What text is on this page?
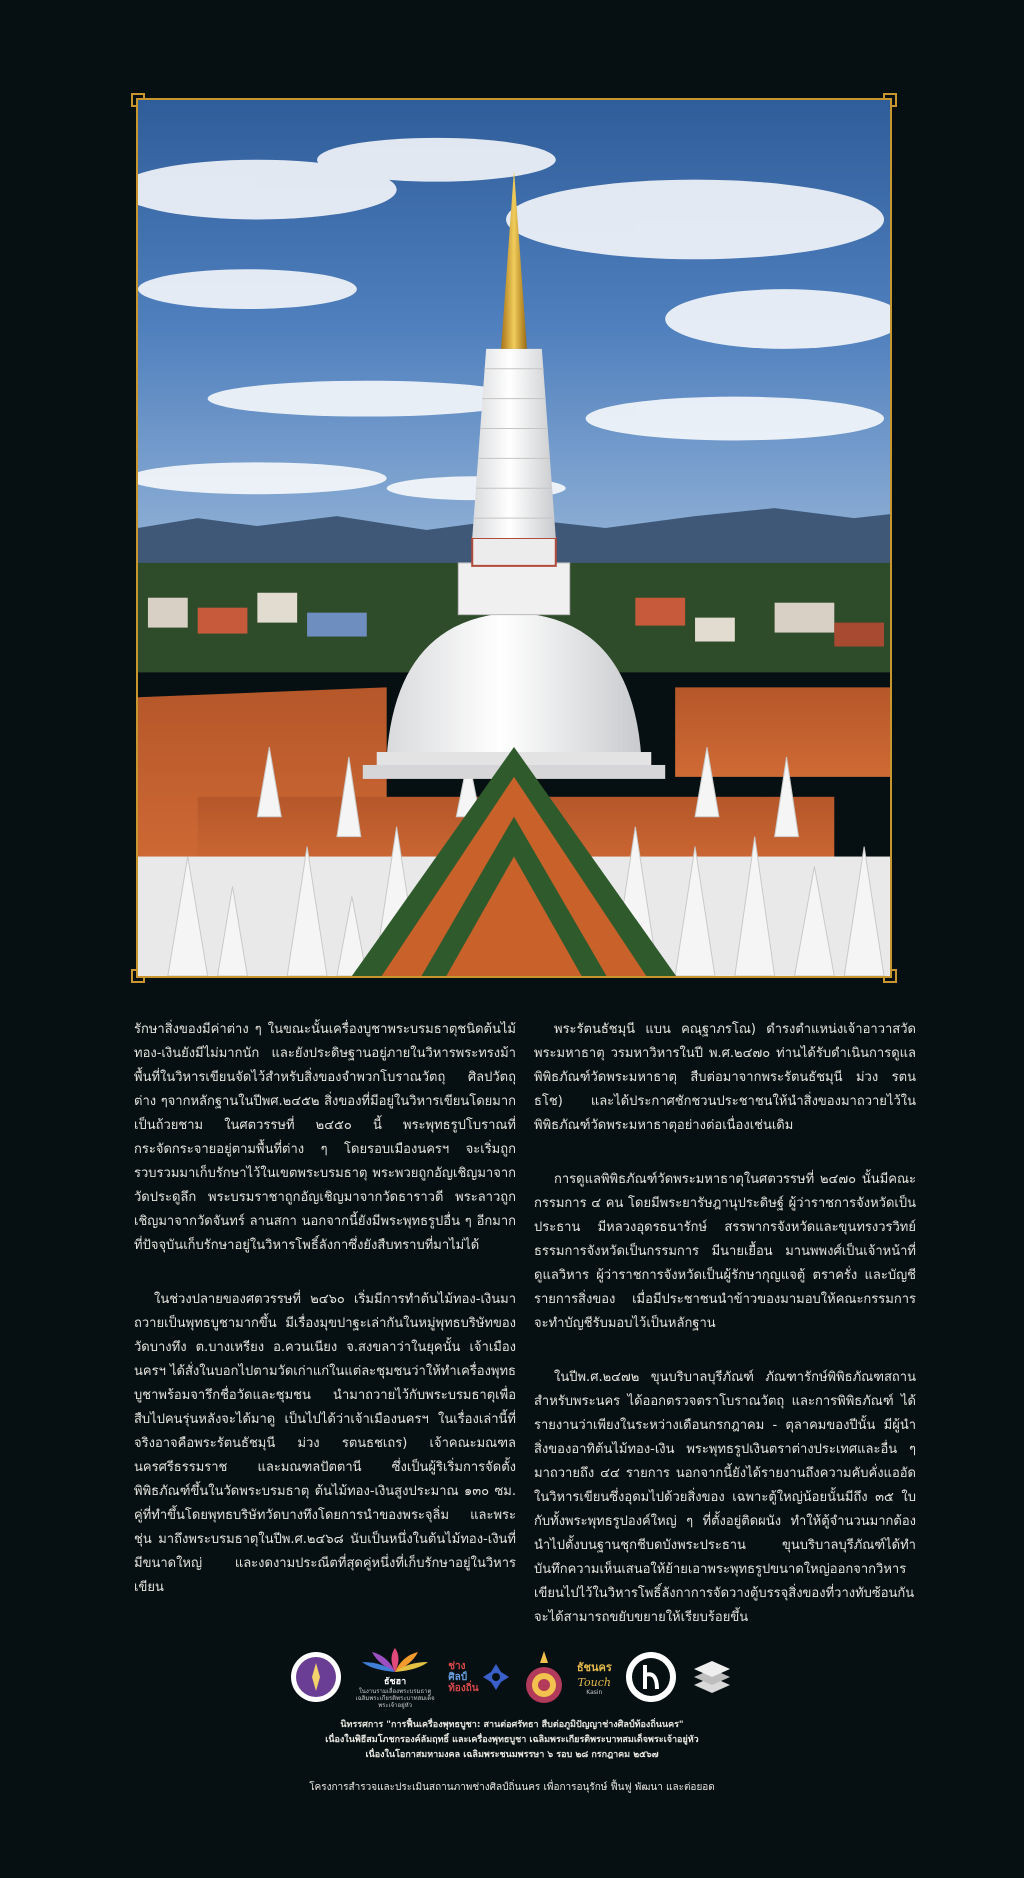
รักษาสิ่งของมีค่าต่าง ๆ ในขณะนั้นเครื่องบูชาพระบรมธาตุชนิดต้นไม้ทอง-เงินยังมีไม่มากนัก และยังประดิษฐานอยู่ภายในวิหารพระทรงม้า พื้นที่ในวิหารเขียนจัดไว้สำหรับสิ่งของจำพวกโบราณวัตถุ ศิลปวัตถุต่าง ๆจากหลักฐานในปีพศ.๒๔๕๒ สิ่งของที่มีอยู่ในวิหารเขียนโดยมากเป็นถ้วยชาม ในศตวรรษที่ ๒๔๕๐ นี้ พระพุทธรูปโบราณที่กระจัดกระจายอยู่ตามพื้นที่ต่าง ๆ โดยรอบเมืองนครฯ จะเริ่มถูกรวบรวมมาเก็บรักษาไว้ในเขตพระบรมธาตุ พระพวยถูกอัญเชิญมาจากวัดประดูลึก พระบรมราชาถูกอัญเชิญมาจากวัดธาราวดี พระลาวถูกเชิญมาจากวัดจันทร์ ลานสกา นอกจากนี้ยังมีพระพุทธรูปอื่น ๆ อีกมากที่ปัจจุบันเก็บรักษาอยู่ในวิหารโพธิ์ลังกาซึ่งยังสืบทราบที่มาไม่ได้

ในช่วงปลายของศตวรรษที่ ๒๔๖๐ เริ่มมีการทำต้นไม้ทอง-เงินมาถวายเป็นพุทธบูชามากขึ้น มีเรื่องมุขปาฐะเล่ากันในหมู่พุทธบริษัทของวัดบางทึง ต.บางเหรียง อ.ควนเนียง จ.สงขลาว่าในยุคนั้น เจ้าเมืองนครฯ ได้สั่งในบอกไปตามวัดเก่าแก่ในแต่ละชุมชนว่าให้ทำเครื่องพุทธบูชาพร้อมจารึกชื่อวัดและชุมชน นำมาถวายไว้กับพระบรมธาตุเพื่อสืบไปคนรุ่นหลังจะได้มาดู เป็นไปได้ว่าเจ้าเมืองนครฯ ในเรื่องเล่านี้ที่จริงอาจคือพระรัตนธัชมุนี ม่วง รตนธชเถร) เจ้าคณะมณฑลนครศรีธรรมราช และมณฑลปัตตานี ซึ่งเป็นผู้ริเริ่มการจัดตั้งพิพิธภัณฑ์ขึ้นในวัดพระบรมธาตุ ต้นไม้ทอง-เงินสูงประมาณ ๑๓๐ ซม. คู่ที่ทำขึ้นโดยพุทธบริษัทวัดบางทึงโดยการนำของพระจุลิ่ม และพระชุ่น มาถึงพระบรมธาตุในปีพ.ศ.๒๔๖๘ นับเป็นหนึ่งในต้นไม้ทอง-เงินที่มีขนาดใหญ่ และงดงามประณีตที่สุดคู่หนึ่งที่เก็บรักษาอยู่ในวิหารเขียน

พระรัตนธัชมุนี แบน คณฺฐาภรโณ) ดำรงตำแหน่งเจ้าอาวาสวัดพระมหาธาตุ วรมหาวิหารในปี พ.ศ.๒๔๗๐ ท่านได้รับดำเนินการดูแลพิพิธภัณฑ์วัดพระมหาธาตุ สืบต่อมาจากพระรัตนธัชมุนี ม่วง รตนธโช) และได้ประกาศชักชวนประชาชนให้นำสิ่งของมาถวายไว้ในพิพิธภัณฑ์วัดพระมหาธาตุอย่างต่อเนื่องเช่นเดิม

การดูแลพิพิธภัณฑ์วัดพระมหาธาตุในศตวรรษที่ ๒๔๗๐ นั้นมีคณะกรรมการ ๔ คน โดยมีพระยารัษฎานุประดิษฐ์ ผู้ว่าราชการจังหวัดเป็นประธาน มีหลวงอุดรธนารักษ์ สรรพากรจังหวัดและขุนทรงวรวิทย์ธรรมการจังหวัดเป็นกรรมการ มีนายเยื้อน มานพพงศ์เป็นเจ้าหน้าที่ดูแลวิหาร ผู้ว่าราชการจังหวัดเป็นผู้รักษากุญแจตู้ ตราครั่ง และบัญชีรายการสิ่งของ เมื่อมีประชาชนนำข้าวของมามอบให้คณะกรรมการจะทำบัญชีรับมอบไว้เป็นหลักฐาน

ในปีพ.ศ.๒๔๗๒ ขุนบริบาลบุรีภัณฑ์ ภัณฑารักษ์พิพิธภัณฑสถานสำหรับพระนคร ได้ออกตรวจตราโบราณวัตถุ และการพิพิธภัณฑ์ ได้รายงานว่าเพียงในระหว่างเดือนกรกฎาคม - ตุลาคมของปีนั้น มีผู้นำสิ่งของอาทิต้นไม้ทอง-เงิน พระพุทธรูปเงินตราต่างประเทศและอื่น ๆ มาถวายถึง ๔๔ รายการ นอกจากนี้ยังได้รายงานถึงความคับคั่งแออัดในวิหารเขียนซึ่งอุดมไปด้วยสิ่งของ เฉพาะตู้ใหญ่น้อยนั้นมีถึง ๓๕ ใบกับทั้งพระพุทธรูปองค์ใหญ่ ๆ ที่ตั้งอยู่ติดผนัง ทำให้ตู้จำนวนมากต้องนำไปตั้งบนฐานชุกชีบดบังพระประธาน ขุนบริบาลบุรีภัณฑ์ได้ทำบันทึกความเห็นเสนอให้ย้ายเอาพระพุทธรูปขนาดใหญ่ออกจากวิหารเขียนไปไว้ในวิหารโพธิ์ลังกาการจัดวางตู้บรรจุสิ่งของที่วางทับซ้อนกันจะได้สามารถขยับขยายให้เรียบร้อยขึ้น

ธัชฮา
ในงานรามเลื่องพระบรมธาตุ
เฉลิมพระเกียรติพระบาทสมเด็จพระเจ้าอยู่หัว
ช่าง
ศิลป์
ท้องถิ่น
ธัชนคร
Touch
Kasin
นิทรรศการ "การฟื้นเครื่องพุทธบูชา: สานต่อศรัทธา สืบต่อภูมิปัญญาช่างศิลป์ท้องถิ่นนคร"
เนื่องในพิธีสมโภชกรองค์ลัมฤทธิ์ และเครื่องพุทธบูชา เฉลิมพระเกียรติพระบาทสมเด็จพระเจ้าอยู่หัว
เนื่องในโอกาสมหามงคล เฉลิมพระชนมพรรษา ๖ รอบ ๒๘ กรกฎาคม ๒๕๖๗
โครงการสำรวจและประเมินสถานภาพช่างศิลป์ถิ่นนคร เพื่อการอนุรักษ์ ฟื้นฟู พัฒนา และต่อยอด
